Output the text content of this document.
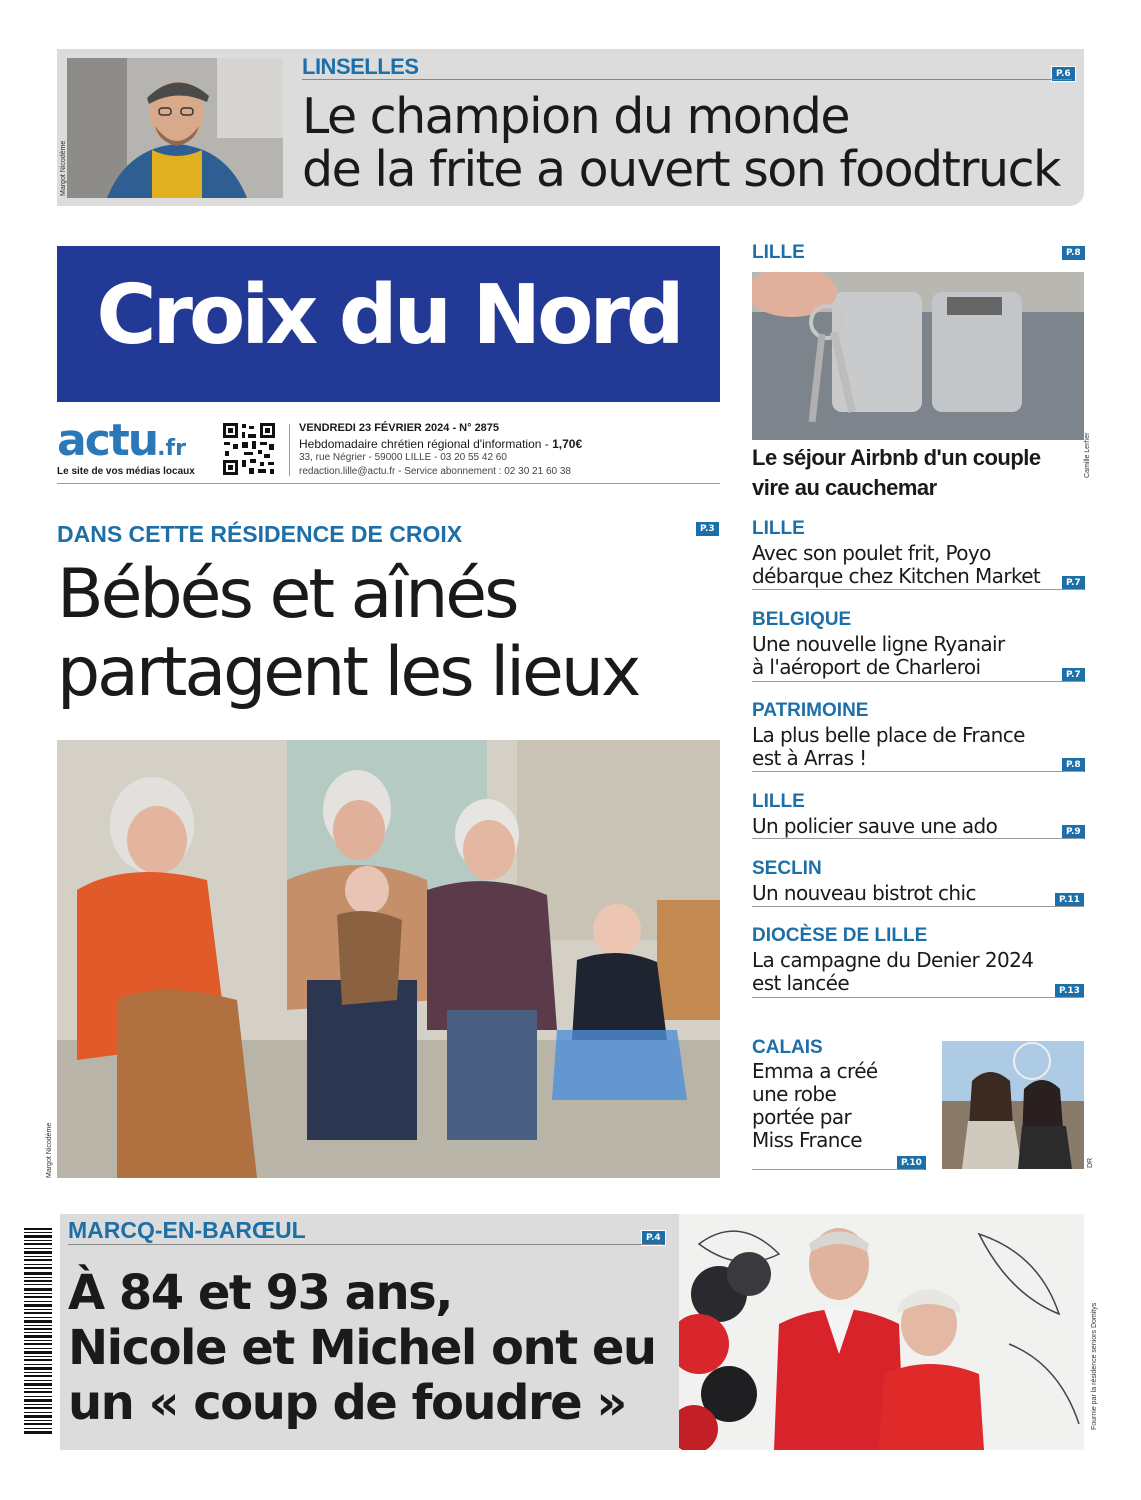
Margot Nicodème
LINSELLES	P.6
Le champion du monde
de la frite a ouvert son foodtruck
Croix du Nord
actu.fr
Le site de vos médias locaux
VENDREDI 23 FÉVRIER 2024 - N° 2875
Hebdomadaire chrétien régional d'information - 1,70€
33, rue Négrier - 59000 LILLE - 03 20 55 42 60
redaction.lille@actu.fr - Service abonnement : 02 30 21 60 38
DANS CETTE RÉSIDENCE DE CROIX	P.3
Bébés et aînés
partagent les lieux
Margot Nicodème
LILLE	P.8
Camille Lerher
Le séjour Airbnb d'un couple
vire au cauchemar
LILLE
Avec son poulet frit, Poyo
débarque chez Kitchen Market	P.7
BELGIQUE
Une nouvelle ligne Ryanair
à l'aéroport de Charleroi	P.7
PATRIMOINE
La plus belle place de France
est à Arras !	P.8
LILLE
Un policier sauve une ado	P.9
SECLIN
Un nouveau bistrot chic	P.11
DIOCÈSE DE LILLE
La campagne du Denier 2024
est lancée	P.13
CALAIS
Emma a créé
une robe
portée par
Miss France
P.10	DR
MARCQ-EN-BARŒUL	P.4
À 84 et 93 ans,
Nicole et Michel ont eu
un « coup de foudre »	Fournie par la résidence seniors Domitys
